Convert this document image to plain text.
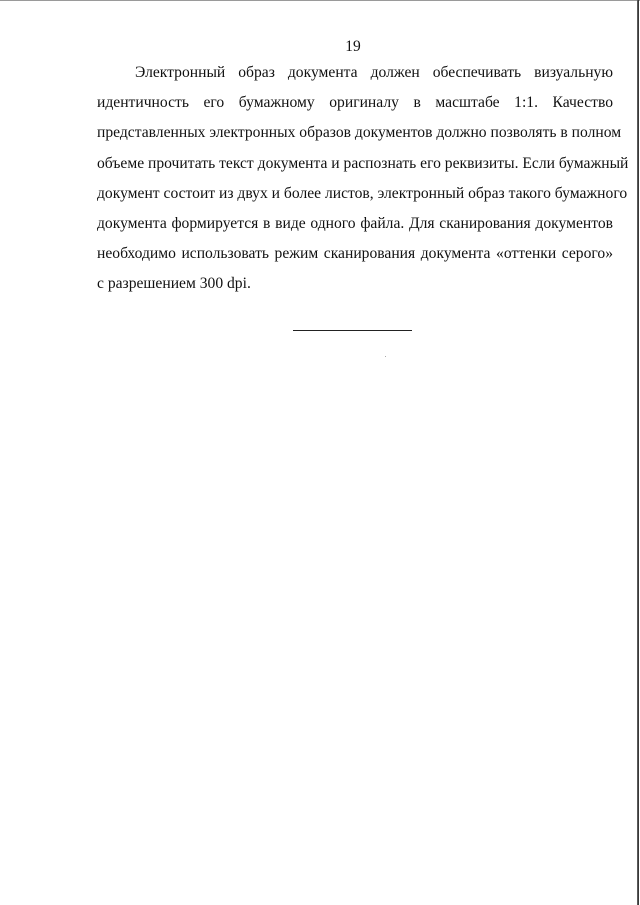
19
Электронный образ документа должен обеспечивать визуальную
идентичность его бумажному оригиналу в масштабе 1:1. Качество
представленных электронных образов документов должно позволять в полном
объеме прочитать текст документа и распознать его реквизиты. Если бумажный
документ состоит из двух и более листов, электронный образ такого бумажного
документа формируется в виде одного файла. Для сканирования документов
необходимо использовать режим сканирования документа «оттенки серого»
с разрешением 300 dpi.
